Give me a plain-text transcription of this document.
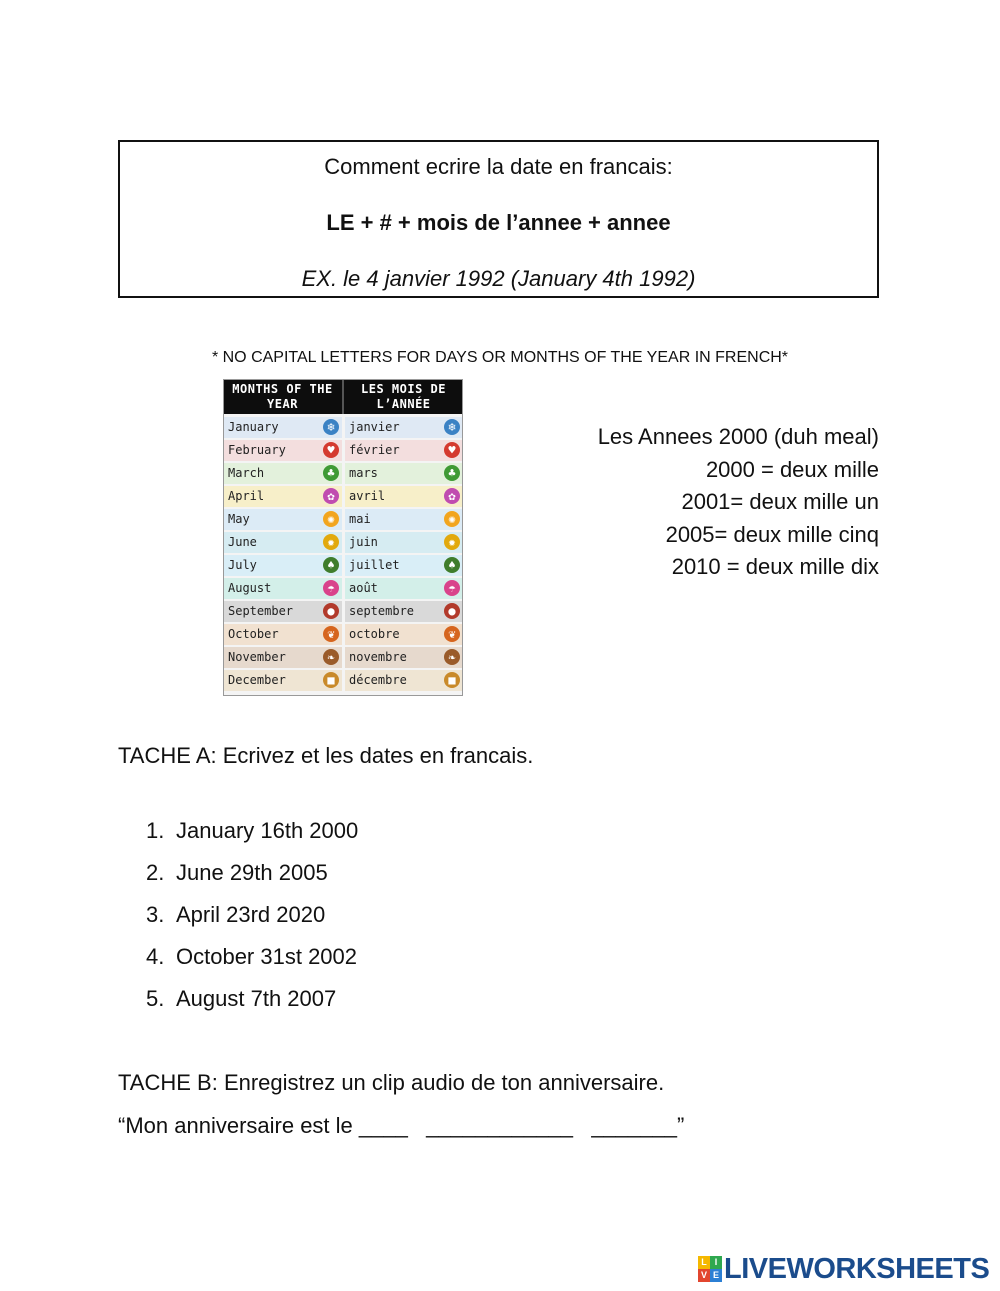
Comment ecrire la date en francais:
LE + # + mois de l’annee + annee
EX. le 4 janvier 1992 (January 4th 1992)
* NO CAPITAL LETTERS FOR DAYS OR MONTHS OF THE YEAR IN FRENCH*
MONTHS OF THE YEAR
LES MOIS DE L’ANNÉE
January	❄	janvier	❄
February	♥	février	♥
March	♣	mars	♣
April	✿	avril	✿
May	✺	mai	✺
June	✹	juin	✹
July	♠	juillet	♠
August	☂	août	☂
September	●	septembre	●
October	❦	octobre	❦
November	❧	novembre	❧
December	■	décembre	■
Les Annees 2000 (duh meal)
2000 = deux mille
2001= deux mille un
2005= deux mille cinq
2010 = deux mille dix
TACHE A: Ecrivez et les dates en francais.
1. January 16th 2000
2. June 29th 2005
3. April 23rd 2020
4. October 31st 2002
5. August 7th 2007
TACHE B: Enregistrez un clip audio de ton anniversaire.
“Mon anniversaire est le ____   ____________   _______”
L I
V E LIVEWORKSHEETS
